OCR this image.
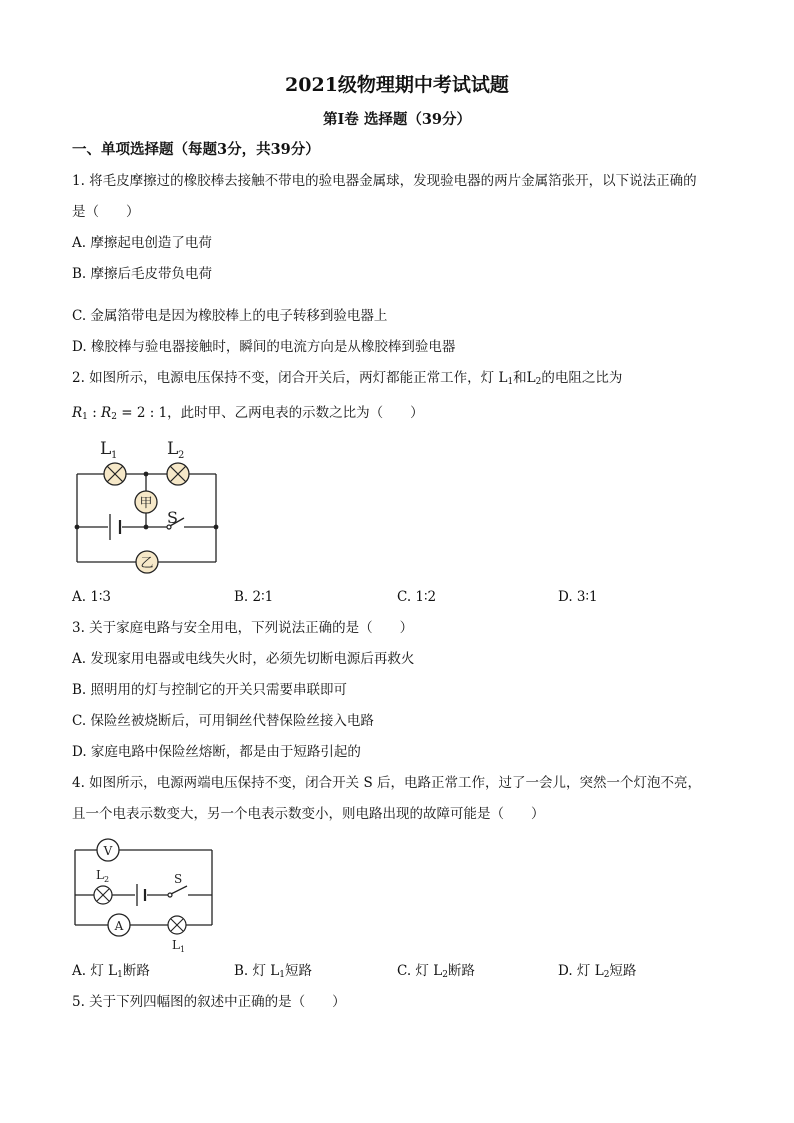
2021级物理期中考试试题
第Ⅰ卷 选择题（39分）
一、单项选择题（每题3分，共39分）
1. 将毛皮摩擦过的橡胶棒去接触不带电的验电器金属球，发现验电器的两片金属箔张开，以下说法正确的
是（　　）
A. 摩擦起电创造了电荷
B. 摩擦后毛皮带负电荷
C. 金属箔带电是因为橡胶棒上的电子转移到验电器上
D. 橡胶棒与验电器接触时，瞬间的电流方向是从橡胶棒到验电器
2. 如图所示，电源电压保持不变，闭合开关后，两灯都能正常工作，灯 $L_1$和$L_2$的电阻之比为
$R_1$ : $R_2 = 2$ : 1，此时甲、乙两电表的示数之比为（　　）
S
L 1	L 2
甲
乙
A. 1∶3	B. 2∶1	C. 1∶2	D. 3∶1
3. 关于家庭电路与安全用电，下列说法正确的是（　　）
A. 发现家用电器或电线失火时，必须先切断电源后再救火
B. 照明用的灯与控制它的开关只需要串联即可
C. 保险丝被烧断后，可用铜丝代替保险丝接入电路
D. 家庭电路中保险丝熔断，都是由于短路引起的
4. 如图所示，电源两端电压保持不变，闭合开关 S 后，电路正常工作，过了一会儿，突然一个灯泡不亮，
且一个电表示数变大，另一个电表示数变小，则电路出现的故障可能是（　　）
S
V
L 2
A
L 1
A. 灯 $L_1$断路	B. 灯 $L_1$短路	C. 灯 $L_2$断路	D. 灯 $L_2$短路
5. 关于下列四幅图的叙述中正确的是（　　）
